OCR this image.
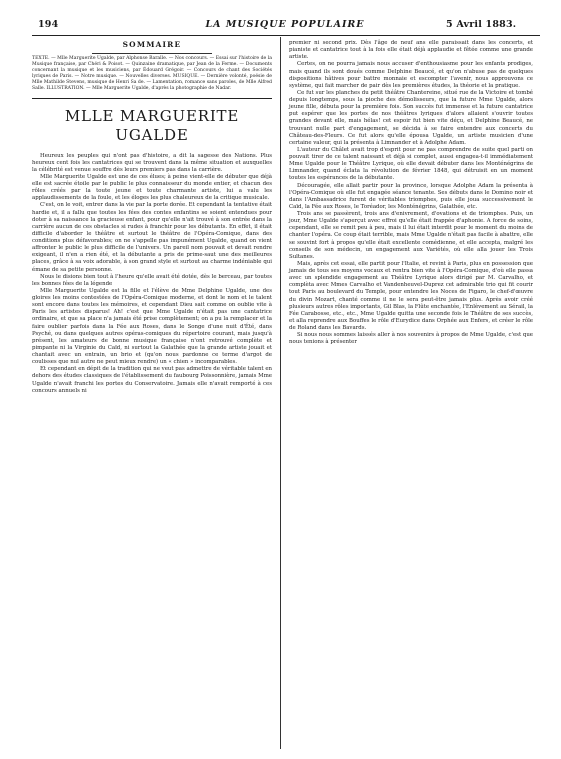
194	LA MUSIQUE POPULAIRE	5 Avril 1883.
SOMMAIRE

TEXTE. — Mlle Marguerite Ugalde, par Alphonse Baralle. — Nos concours. — Essai sur l'histoire de la Musique française, par Chéri & Poisot. — Quinzaine dramatique, par Jean de la Ferme. — Documents concernant la musique et les musiciens, par Édouard Grégoir. — Concours de chant des Sociétés lyriques de Paris. — Notre musique. — Nouvelles diverses. MUSIQUE. — Dernière volonté, poésie de Mlle Mathilde Stevens, musique de Henri Sa de. — Lamentation, romance sans paroles, de Mlle Alfred Salle. ILLUSTRATION. — Mlle Marguerite Ugalde, d'après la photographie de Nadar.

MLLE MARGUERITE UGALDE

Heureux les peuples qui n'ont pas d'histoire, a dit la sagesse des Nations. Plus heureux cent fois les cantatrices qui se trouvent dans la même situation et auxquelles la célébrité est venue souffre dès leurs premiers pas dans la carrière.

Mlle Marguerite Ugalde est une de ces élues; à peine vient-elle de débuter que déjà elle est sacrée étoile par le public le plus connaisseur du monde entier, et chacun des rôles créés par la toute jeune et toute charmante artiste, lui a valu les applaudissements de la foule, et les éloges les plus chaleureux de la critique musicale.

C'est, on le voit, entrer dans la vie par la porte dorée. Et cependant la tentative était hardie et, il a fallu que toutes les fées des contes enfantins se soient entendues pour doter à sa naissance la gracieuse enfant, pour qu'elle n'ait trouvé à son entrée dans la carrière aucun de ces obstacles si rudes à franchir pour les débutants. En effet, il était difficile d'aborder le théâtre et surtout le théâtre de l'Opéra-Comique, dans des conditions plus défavorables; on ne s'appelle pas impunément Ugalde, quand on vient affronter le public le plus difficile de l'univers. Un pareil nom pouvait et devait rendre exigeant, il n'en a rien été, et la débutante a pris de prime-saut une des meilleures places, grâce à sa voix adorable, à son grand style et surtout au charme indéniable qui émane de sa petite personne.

Nous le disions bien tout à l'heure qu'elle avait été dotée, dès le berceau, par toutes les bonnes fées de la légende

Mlle Marguerite Ugalde est la fille et l'élève de Mme Delphine Ugalde, une des gloires les moins contestées de l'Opéra-Comique moderne, et dont le nom et le talent sont encore dans toutes les mémoires, et cependant Dieu sait comme on oublie vite à Paris les artistes disparus! Ah! c'est que Mme Ugalde n'était pas une cantatrice ordinaire, et que sa place n'a jamais été prise complètement; on a pu la remplacer et la faire oublier parfois dans la Fée aux Roses, dans le Songe d'une nuit d'Été, dans Psyché, ou dans quelques autres opéras-comiques du répertoire courant, mais jusqu'à présent, les amateurs de bonne musique française n'ont retrouvé complète et pimpante ni la Virginie du Caïd, ni surtout la Galathée que la grande artiste jouait et chantait avec un entrain, un brio et (qu'on nous pardonne ce terme d'argot de coulisses que nul autre ne peut mieux rendre) un « chien » incomparables.

Et cependant en dépit de la tradition qui ne veut pas admettre de véritable talent en dehors des études classiques de l'établissement du faubourg Poissonnière, jamais Mme Ugalde n'avait franchi les portes du Conservatoire. Jamais elle n'avait remporté à ces concours annuels ni

premier ni second prix. Dès l'âge de neuf ans elle paraissait dans les concerts, et pianiste et cantatrice tout à la fois elle était déjà applaudie et fêtée comme une grande artiste.

Certes, on ne pourra jamais nous accuser d'enthousiasme pour les enfants prodiges, mais quand ils sont doués comme Delphine Beaucé, et qu'on n'abuse pas de quelques dispositions hâtives pour battre monnaie et escompter l'avenir, nous approuvons ce système, qui fait marcher de pair dès les premières études, la théorie et la pratique.

Ce fut sur les planches du petit théâtre Chantereine, situé rue de la Victoire et tombé depuis longtemps, sous la pioche des démolisseurs, que la future Mme Ugalde, alors jeune fille, débuta pour la première fois. Son succès fut immense et la future cantatrice put espérer que les portes de nos théâtres lyriques d'alors allaient s'ouvrir toutes grandes devant elle, mais hélas! cet espoir fut bien vite déçu, et Delphine Beaucé, ne trouvant nulle part d'engagement, se décida à se faire entendre aux concerts du Château-des-Fleurs. Ce fut alors qu'elle épousa Ugalde, un artiste musicien d'une certaine valeur, qui la présenta à Limnander et à Adolphe Adam.

L'auteur du Châlet avait trop d'esprit pour ne pas comprendre de suite quel parti on pouvait tirer de ce talent naissant et déjà si complet, aussi engagea-t-il immédiatement Mme Ugalde pour le Théâtre Lyrique, où elle devait débuter dans les Monténégrins de Limnander, quand éclata la révolution de février 1848, qui détruisit en un moment toutes les espérances de la débutante.

Découragée, elle allait partir pour la province, lorsque Adolphe Adam la présenta à l'Opéra-Comique où elle fut engagée séance tenante. Ses débuts dans le Domino noir et dans l'Ambassadrice furent de véritables triomphes, puis elle joua successivement le Caïd, la Fée aux Roses, le Toréador, les Monténégrins, Galathée, etc.

Trois ans se passèrent, trois ans d'enivrement, d'ovations et de triomphes. Puis, un jour, Mme Ugalde s'aperçut avec effroi qu'elle était frappée d'aphonie. A force de soins, cependant, elle se remit peu à peu, mais il lui était interdit pour le moment du moins de chanter l'opéra. Ce coup était terrible, mais Mme Ugalde n'était pas facile à abattre, elle se souvint fort à propos qu'elle était excellente comédienne, et elle accepta, malgré les conseils de son médecin, un engagement aux Variétés, où elle alla jouer les Trois Sultanes.

Mais, après cet essai, elle partit pour l'Italie, et revint à Paris, plus en possession que jamais de tous ses moyens vocaux et rentra bien vite à l'Opéra-Comique, d'où elle passa avec un splendide engagement au Théâtre Lyrique alors dirigé par M. Carvalho, et complèta avec Mmes Carvalho et Vandenheuvel-Duprez cet admirable trio qui fit courir tout Paris au boulevard du Temple, pour entendre les Noces de Figaro, le chef-d'œuvre du divin Mozart, chanté comme il ne le sera peut-être jamais plus. Après avoir créé plusieurs autres rôles importants, Gil Blas, la Flûte enchantée, l'Enlèvement au Sérail, la Fée Carabosse, etc., etc., Mme Ugalde quitta une seconde fois le Théâtre de ses succès, et alla reprendre aux Bouffes le rôle d'Eurydice dans Orphée aux Enfers, et créer le rôle de Roland dans les Bavards.

Si nous nous sommes laissés aller à nos souvenirs à propos de Mme Ugalde, c'est que nous tenions à présenter
